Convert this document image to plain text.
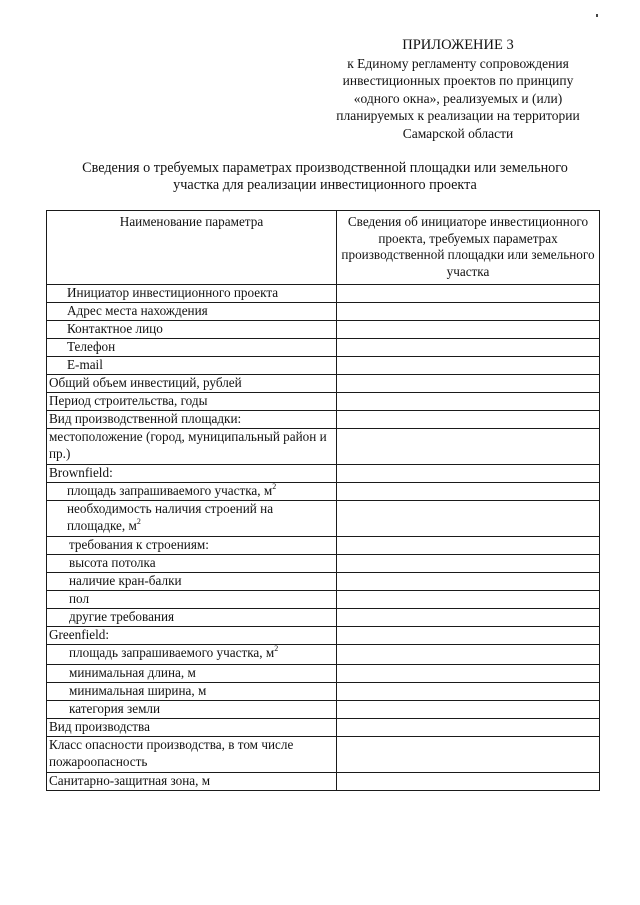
ПРИЛОЖЕНИЕ 3
к Единому регламенту сопровождения
инвестиционных проектов по принципу
«одного окна», реализуемых и (или)
планируемых к реализации на территории
Самарской области
Сведения о требуемых параметрах производственной площадки или земельного
участка для реализации инвестиционного проекта
Наименование параметра	Сведения об инициаторе инвестиционного проекта, требуемых параметрах производственной площадки или земельного участка
Инициатор инвестиционного проекта	
Адрес места нахождения	
Контактное лицо	
Телефон	
E-mail	
Общий объем инвестиций, рублей	
Период строительства, годы	
Вид производственной площадки:	
местоположение (город, муниципальный район и пр.)	
Brownfield:	
площадь запрашиваемого участка, $м^2$	
необходимость наличия строений на площадке, $м^2$	
требования к строениям:	
высота потолка	
наличие кран-балки	
пол	
другие требования	
Greenfield:	
площадь запрашиваемого участка, $м^2$	
минимальная длина, м	
минимальная ширина, м	
категория земли	
Вид производства	
Класс опасности производства, в том числе пожароопасность	
Санитарно-защитная зона, м	
